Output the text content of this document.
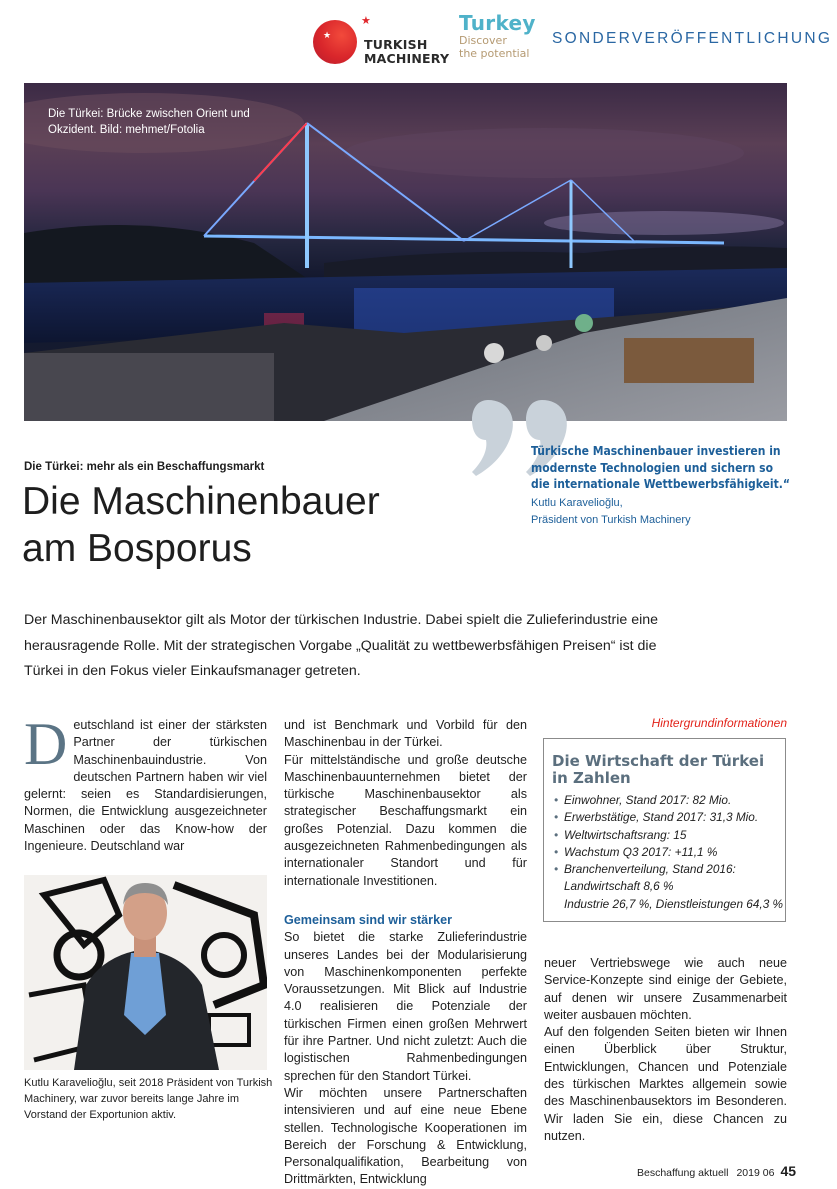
★
★
TURKISH
MACHINERY
Turkey
Discover
the potential
SONDERVERÖFFENTLICHUNG
Die Türkei: Brücke zwischen Orient und
Okzident. Bild: mehmet/Fotolia
Türkische Maschinenbauer investieren in modernste Technologien und sichern so die internationale Wettbewerbsfähigkeit.“
Kutlu Karavelioğlu,
Präsident von Turkish Machinery
Die Türkei: mehr als ein Beschaffungsmarkt
Die Maschinenbauer
am Bosporus
Der Maschinenbausektor gilt als Motor der türkischen Industrie. Dabei spielt die Zulieferindustrie eine herausragende Rolle. Mit der strategischen Vorgabe „Qualität zu wettbewerbsfähigen Preisen“ ist die Türkei in den Fokus vieler Einkaufsmanager getreten.

Deutschland ist einer der stärksten Partner der türkischen Maschinenbauindustrie. Von deutschen Partnern haben wir viel gelernt: seien es Standardisierungen, Normen, die Entwicklung ausgezeichneter Maschinen oder das Know-how der Ingenieure. Deutschland war

Kutlu Karavelioğlu, seit 2018 Präsident von Turkish Machinery, war zuvor bereits lange Jahre im Vorstand der Exportunion aktiv.

und ist Benchmark und Vorbild für den Maschinenbau in der Türkei.

Für mittelständische und große deutsche Maschinenbauunternehmen bietet der türkische Maschinenbausektor als strategischer Beschaffungsmarkt ein großes Potenzial. Dazu kommen die ausgezeichneten Rahmenbedingungen als internationaler Standort und für internationale Investitionen.

Gemeinsam sind wir stärker

So bietet die starke Zulieferindustrie unseres Landes bei der Modularisierung von Maschinenkomponenten perfekte Voraussetzungen. Mit Blick auf Industrie 4.0 realisieren die Potenziale der türkischen Firmen einen großen Mehrwert für ihre Partner. Und nicht zuletzt: Auch die logistischen Rahmenbedingungen sprechen für den Standort Türkei.

Wir möchten unsere Partnerschaften intensivieren und auf eine neue Ebene stellen. Technologische Kooperationen im Bereich der Forschung & Entwicklung, Personalqualifikation, Bearbeitung von Drittmärkten, Entwicklung

Hintergrundinformationen
Die Wirtschaft der Türkei in Zahlen
• Einwohner, Stand 2017: 82 Mio.
• Erwerbstätige, Stand 2017: 31,3 Mio.
• Weltwirtschaftsrang: 15
• Wachstum Q3 2017: +11,1 %
• Branchenverteilung, Stand 2016:
Landwirtschaft 8,6 %
Industrie 26,7 %, Dienstleistungen 64,3 %

neuer Vertriebswege wie auch neue Service-Konzepte sind einige der Gebiete, auf denen wir unsere Zusammenarbeit weiter ausbauen möchten.

Auf den folgenden Seiten bieten wir Ihnen einen Überblick über Struktur, Entwicklungen, Chancen und Potenziale des türkischen Marktes allgemein sowie des Maschinenbausektors im Besonderen. Wir laden Sie ein, diese Chancen zu nutzen.

Beschaffung aktuell 2019 06 45
